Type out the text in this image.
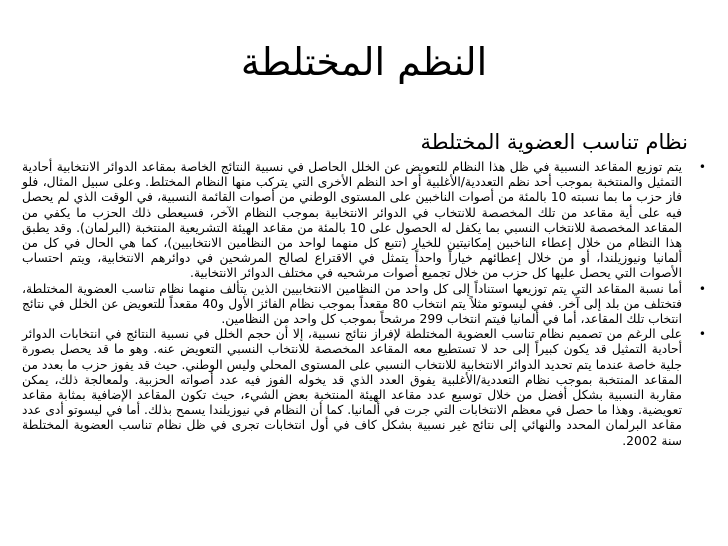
النظم المختلطة
نظام تناسب العضوية المختلطة
•
يتم توزيع المقاعد النسبية في ظل هذا النظام للتعويض عن الخلل الحاصل في نسبية النتائج الخاصة بمقاعد الدوائر الانتخابية أحادية التمثيل والمنتخبة بموجب أحد نظم التعددية/الأغلبية أو احد النظم الأخرى التي يتركب منها النظام المختلط. وعلى سبيل المثال، فلو فاز حزب ما بما نسبته 10 بالمئة من أصوات الناخبين على المستوى الوطني من أصوات القائمة النسبية، في الوقت الذي لم يحصل فيه على أية مقاعد من تلك المخصصة للانتخاب في الدوائر الانتخابية بموجب النظام الآخر، فسيعطى ذلك الحزب ما يكفي من المقاعد المخصصة للانتخاب النسبي بما يكفل له الحصول على 10 بالمئة من مقاعد الهيئة التشريعية المنتخبة (البرلمان). وقد يطبق هذا النظام من خلال إعطاء الناخبين إمكانيتين للخيار (تتبع كل منهما لواحد من النظامين الانتخابيين)، كما هي الحال في كل من ألمانيا ونيوزيلندا، أو من خلال إعطائهم خياراً واحداً يتمثل في الاقتراع لصالح المرشحين في دوائرهم الانتخابية، ويتم احتساب الأصوات التي يحصل عليها كل حزب من خلال تجميع أصوات مرشحيه في مختلف الدوائر الانتخابية.
•
أما نسبة المقاعد التي يتم توزيعها استناداً إلى كل واحد من النظامين الانتخابيين الذين يتألف منهما نظام تناسب العضوية المختلطة، فتختلف من بلد إلى آخر. ففي ليسوتو مثلاً يتم انتخاب 80 مقعداً بموجب نظام الفائز الأول و40 مقعداً للتعويض عن الخلل في نتائج انتخاب تلك المقاعد، أما في ألمانيا فيتم انتخاب 299 مرشحاً بموجب كل واحد من النظامين.
•
على الرغم من تصميم نظام تناسب العضوية المختلطة لإفراز نتائج نسبية، إلا أن حجم الخلل في نسبية النتائج في انتخابات الدوائر أحادية التمثيل قد يكون كبيراً إلى حد لا تستطيع معه المقاعد المخصصة للانتخاب النسبي التعويض عنه. وهو ما قد يحصل بصورة جلية خاصة عندما يتم تحديد الدوائر الانتخابية للانتخاب النسبي على المستوى المحلي وليس الوطني. حيث قد يفوز حزب ما بعدد من المقاعد المنتخبة بموجب نظام التعددية/الأغلبية يفوق العدد الذي قد يخوله الفوز فيه عدد أصواته الحزبية. ولمعالجة ذلك، يمكن مقاربة النسبية بشكل أفضل من خلال توسيع عدد مقاعد الهيئة المنتخبة بعض الشيء، حيث تكون المقاعد الإضافية بمثابة مقاعد تعويضية. وهذا ما حصل في معظم الانتخابات التي جرت في ألمانيا. كما أن النظام في نيوزيلندا يسمح بذلك. أما في ليسوتو أدى عدد مقاعد البرلمان المحدد والنهائي إلى نتائج غير نسبية بشكل كاف في أول انتخابات تجرى في ظل نظام تناسب العضوية المختلطة سنة 2002.
